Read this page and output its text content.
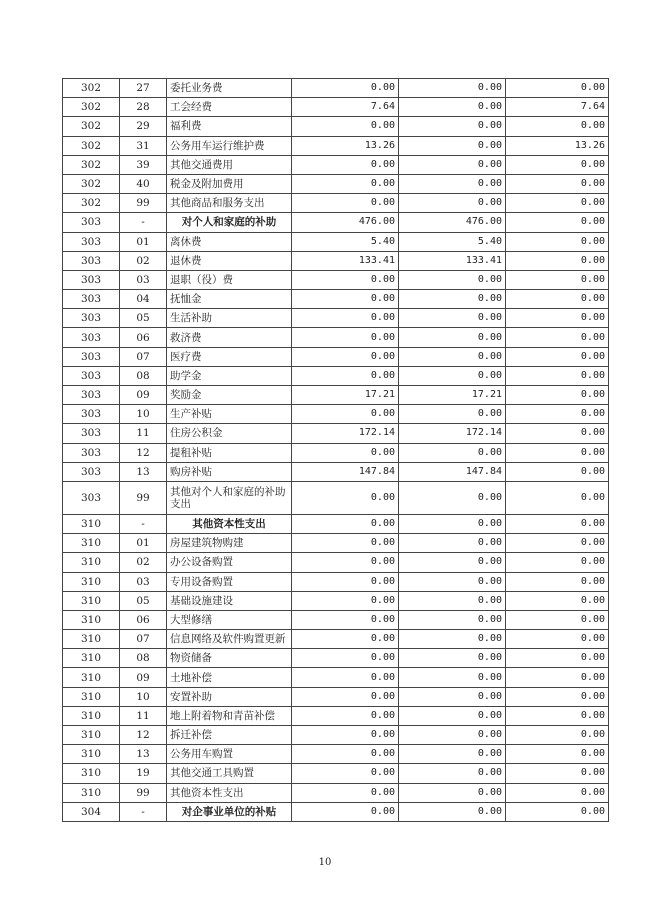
302	27	委托业务费	0.00	0.00	0.00
302	28	工会经费	7.64	0.00	7.64
302	29	福利费	0.00	0.00	0.00
302	31	公务用车运行维护费	13.26	0.00	13.26
302	39	其他交通费用	0.00	0.00	0.00
302	40	税金及附加费用	0.00	0.00	0.00
302	99	其他商品和服务支出	0.00	0.00	0.00
303	-	对个人和家庭的补助	476.00	476.00	0.00
303	01	离休费	5.40	5.40	0.00
303	02	退休费	133.41	133.41	0.00
303	03	退职（役）费	0.00	0.00	0.00
303	04	抚恤金	0.00	0.00	0.00
303	05	生活补助	0.00	0.00	0.00
303	06	救济费	0.00	0.00	0.00
303	07	医疗费	0.00	0.00	0.00
303	08	助学金	0.00	0.00	0.00
303	09	奖励金	17.21	17.21	0.00
303	10	生产补贴	0.00	0.00	0.00
303	11	住房公积金	172.14	172.14	0.00
303	12	提租补贴	0.00	0.00	0.00
303	13	购房补贴	147.84	147.84	0.00
303	99	其他对个人和家庭的补助支出	0.00	0.00	0.00
310	-	其他资本性支出	0.00	0.00	0.00
310	01	房屋建筑物购建	0.00	0.00	0.00
310	02	办公设备购置	0.00	0.00	0.00
310	03	专用设备购置	0.00	0.00	0.00
310	05	基础设施建设	0.00	0.00	0.00
310	06	大型修缮	0.00	0.00	0.00
310	07	信息网络及软件购置更新	0.00	0.00	0.00
310	08	物资储备	0.00	0.00	0.00
310	09	土地补偿	0.00	0.00	0.00
310	10	安置补助	0.00	0.00	0.00
310	11	地上附着物和青苗补偿	0.00	0.00	0.00
310	12	拆迁补偿	0.00	0.00	0.00
310	13	公务用车购置	0.00	0.00	0.00
310	19	其他交通工具购置	0.00	0.00	0.00
310	99	其他资本性支出	0.00	0.00	0.00
304	-	对企事业单位的补贴	0.00	0.00	0.00
10
